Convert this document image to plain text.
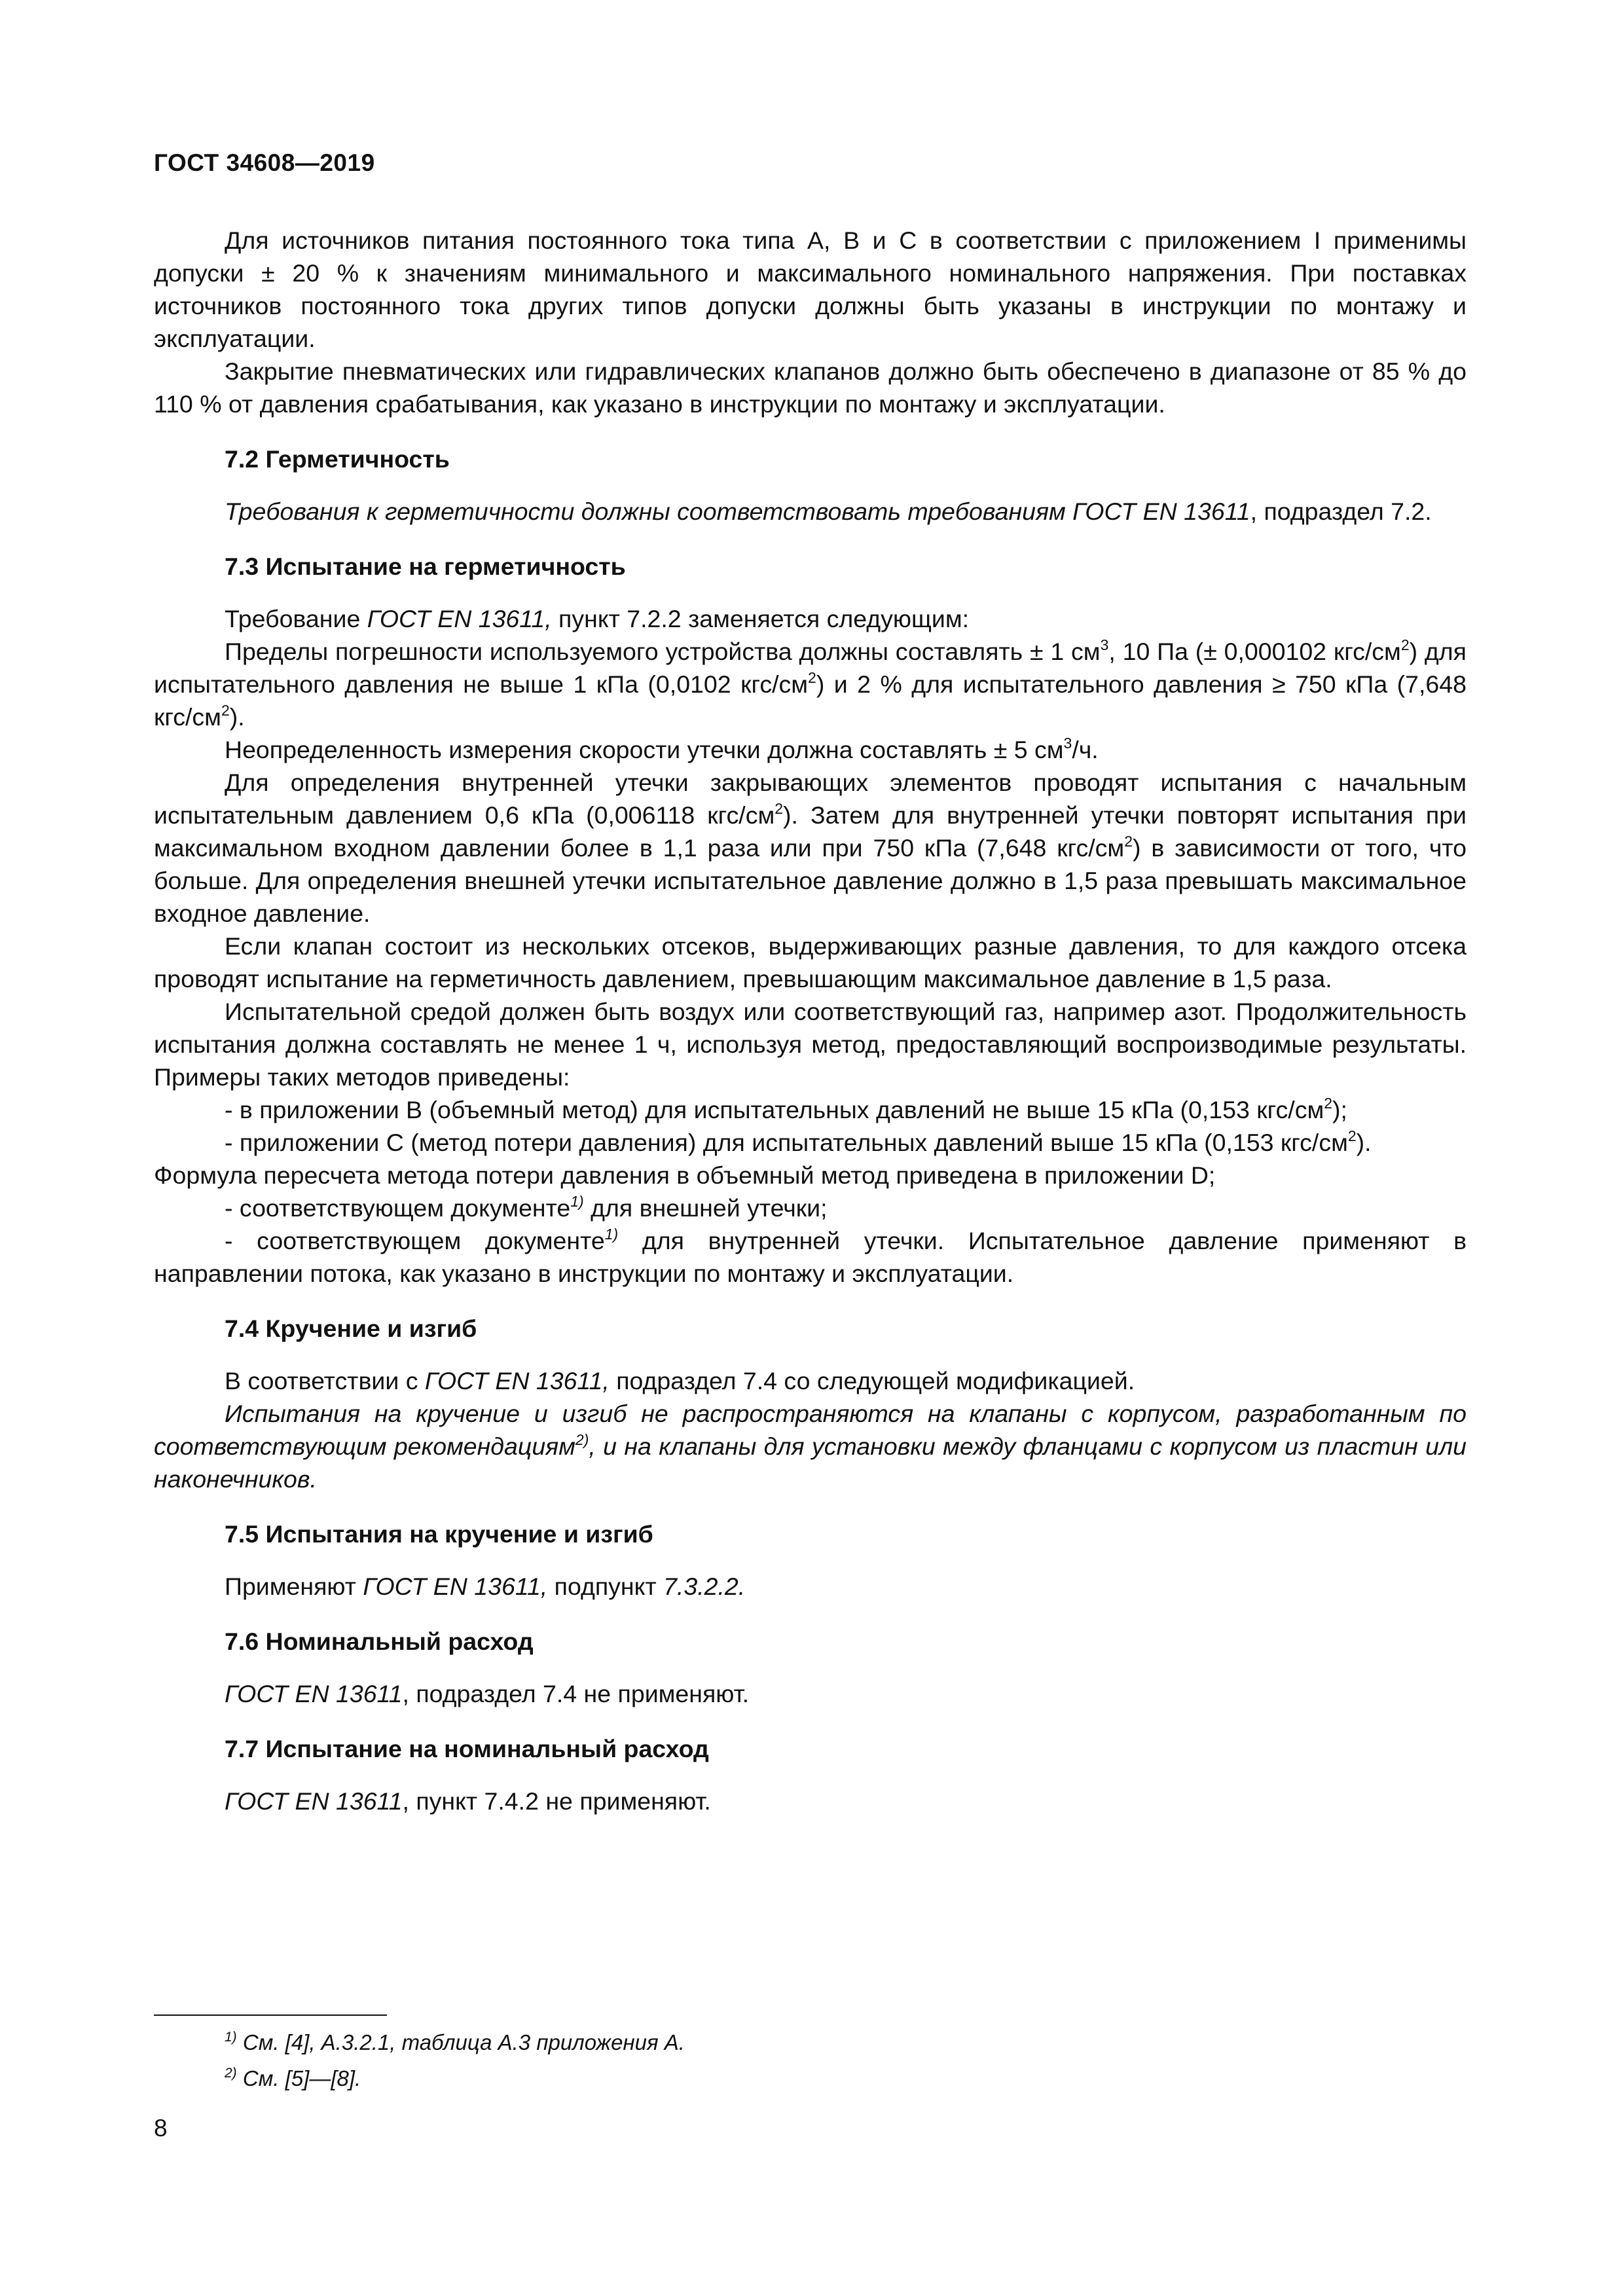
ГОСТ 34608—2019

Для источников питания постоянного тока типа А, В и С в соответствии с приложением I применимы допуски ± 20 % к значениям минимального и максимального номинального напряжения. При поставках источников постоянного тока других типов допуски должны быть указаны в инструкции по монтажу и эксплуатации.

Закрытие пневматических или гидравлических клапанов должно быть обеспечено в диапазоне от 85 % до 110 % от давления срабатывания, как указано в инструкции по монтажу и эксплуатации.

7.2 Герметичность

Требования к герметичности должны соответствовать требованиям ГОСТ EN 13611, подраздел 7.2.

7.3 Испытание на герметичность

Требование ГОСТ EN 13611, пункт 7.2.2 заменяется следующим:

Пределы погрешности используемого устройства должны составлять ± 1 $см^3$, 10 Па (± 0,000102 кгс/$см^2$) для испытательного давления не выше 1 кПа (0,0102 кгс/$см^2$) и 2 % для испытательного давления ≥ 750 кПа (7,648 кгс/$см^2$).

Неопределенность измерения скорости утечки должна составлять ± 5 $см^3/ч$.

Для определения внутренней утечки закрывающих элементов проводят испытания с начальным испытательным давлением 0,6 кПа (0,006118 кгс/$см^2$). Затем для внутренней утечки повторят испытания при максимальном входном давлении более в 1,1 раза или при 750 кПа (7,648 кгс/$см^2$) в зависимости от того, что больше. Для определения внешней утечки испытательное давление должно в 1,5 раза превышать максимальное входное давление.

Если клапан состоит из нескольких отсеков, выдерживающих разные давления, то для каждого отсека проводят испытание на герметичность давлением, превышающим максимальное давление в 1,5 раза.

Испытательной средой должен быть воздух или соответствующий газ, например азот. Продолжительность испытания должна составлять не менее 1 ч, используя метод, предоставляющий воспроизводимые результаты. Примеры таких методов приведены:

- в приложении В (объемный метод) для испытательных давлений не выше 15 кПа (0,153 кгс/$см^2$);

- приложении С (метод потери давления) для испытательных давлений выше 15 кПа (0,153 кгс/$см^2$).

Формула пересчета метода потери давления в объемный метод приведена в приложении D;

- соответствующем документе$^{1)}$ для внешней утечки;

- соответствующем документе$^{1)}$ для внутренней утечки. Испытательное давление применяют в направлении потока, как указано в инструкции по монтажу и эксплуатации.

7.4 Кручение и изгиб

В соответствии с ГОСТ EN 13611, подраздел 7.4 со следующей модификацией.

Испытания на кручение и изгиб не распространяются на клапаны с корпусом, разработанным по соответствующим рекомендациям$^{2)}$, и на клапаны для установки между фланцами с корпусом из пластин или наконечников.

7.5 Испытания на кручение и изгиб

Применяют ГОСТ EN 13611, подпункт 7.3.2.2.

7.6 Номинальный расход

ГОСТ EN 13611, подраздел 7.4 не применяют.

7.7 Испытание на номинальный расход

ГОСТ EN 13611, пункт 7.4.2 не применяют.

$^{1)}$ См. [4], А.3.2.1, таблица А.3 приложения А.
$^{2)}$ См. [5]—[8].
8
